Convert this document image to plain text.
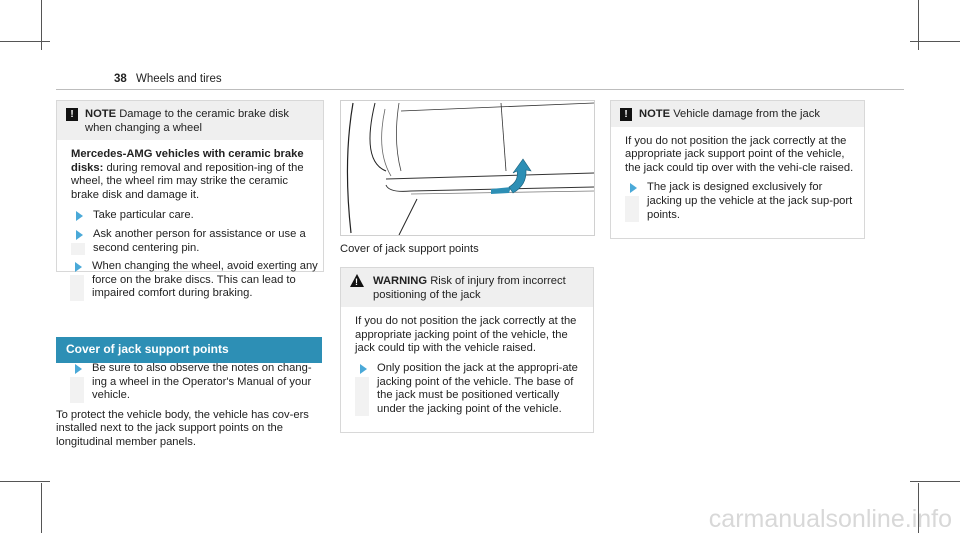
38 Wheels and tires
!	NOTE Damage to the ceramic brake disk when changing a wheel
Mercedes-AMG vehicles with ceramic brake disks: during removal and reposition-ing of the wheel, the wheel rim may strike the ceramic brake disk and damage it.
Take particular care.
Ask another person for assistance or use a second centering pin.
When changing the wheel, avoid exerting any force on the brake discs. This can lead to impaired comfort during braking.
Cover of jack support points
Be sure to also observe the notes on chang-ing a wheel in the Operator's Manual of your vehicle.
To protect the vehicle body, the vehicle has cov-ers installed next to the jack support points on the longitudinal member panels.
Cover of jack support points
!
WARNING Risk of injury from incorrect positioning of the jack
If you do not position the jack correctly at the appropriate jacking point of the vehicle, the jack could tip with the vehicle raised.
Only position the jack at the appropri-ate jacking point of the vehicle. The base of the jack must be positioned vertically under the jacking point of the vehicle.
!	NOTE Vehicle damage from the jack
If you do not position the jack correctly at the appropriate jack support point of the vehicle, the jack could tip over with the vehi-cle raised.
The jack is designed exclusively for jacking up the vehicle at the jack sup-port points.
carmanualsonline.info
